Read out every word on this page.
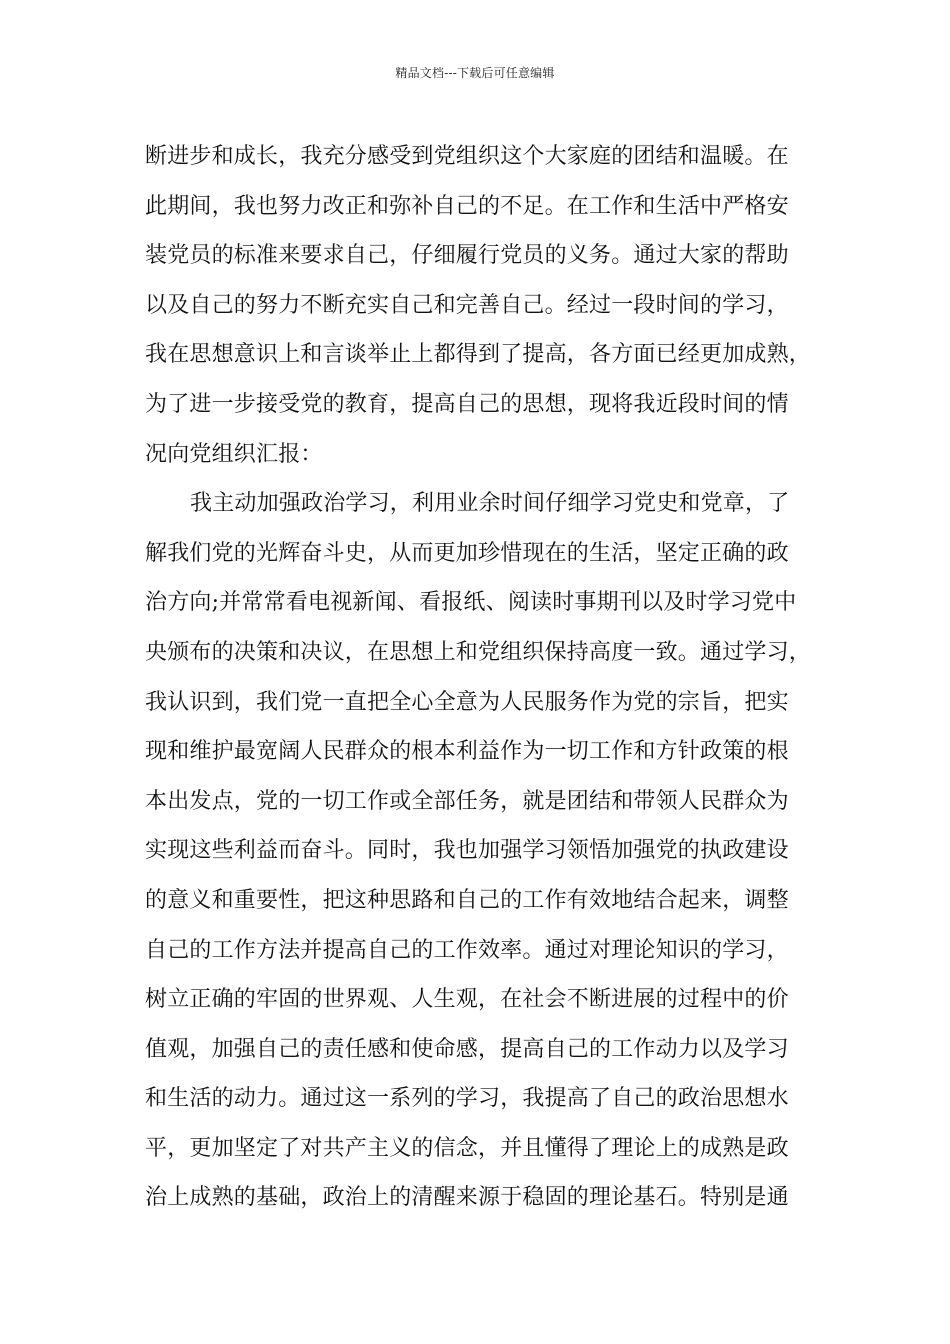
精品文档---下载后可任意编辑
断进步和成长，我充分感受到党组织这个大家庭的团结和温暖。在
此期间，我也努力改正和弥补自己的不足。在工作和生活中严格安
装党员的标准来要求自己，仔细履行党员的义务。通过大家的帮助
以及自己的努力不断充实自己和完善自己。经过一段时间的学习，
我在思想意识上和言谈举止上都得到了提高，各方面已经更加成熟，
为了进一步接受党的教育，提高自己的思想，现将我近段时间的情
况向党组织汇报：
我主动加强政治学习，利用业余时间仔细学习党史和党章，了
解我们党的光辉奋斗史，从而更加珍惜现在的生活，坚定正确的政
治方向;并常常看电视新闻、看报纸、阅读时事期刊以及时学习党中
央颁布的决策和决议，在思想上和党组织保持高度一致。通过学习，
我认识到，我们党一直把全心全意为人民服务作为党的宗旨，把实
现和维护最宽阔人民群众的根本利益作为一切工作和方针政策的根
本出发点，党的一切工作或全部任务，就是团结和带领人民群众为
实现这些利益而奋斗。同时，我也加强学习领悟加强党的执政建设
的意义和重要性，把这种思路和自己的工作有效地结合起来，调整
自己的工作方法并提高自己的工作效率。通过对理论知识的学习，
树立正确的牢固的世界观、人生观，在社会不断进展的过程中的价
值观，加强自己的责任感和使命感，提高自己的工作动力以及学习
和生活的动力。通过这一系列的学习，我提高了自己的政治思想水
平，更加坚定了对共产主义的信念，并且懂得了理论上的成熟是政
治上成熟的基础，政治上的清醒来源于稳固的理论基石。特别是通
